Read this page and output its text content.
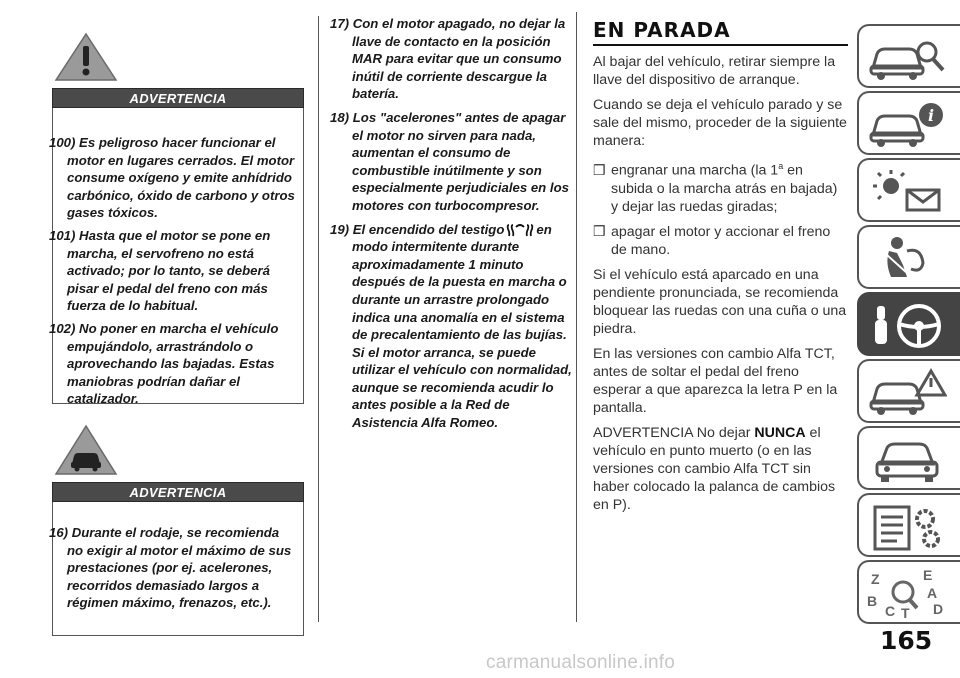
ADVERTENCIA
100) Es peligroso hacer funcionar el motor en lugares cerrados. El motor consume oxígeno y emite anhídrido carbónico, óxido de carbono y otros gases tóxicos.
101) Hasta que el motor se pone en marcha, el servofreno no está activado; por lo tanto, se deberá pisar el pedal del freno con más fuerza de lo habitual.
102) No poner en marcha el vehículo empujándolo, arrastrándolo o aprovechando las bajadas. Estas maniobras podrían dañar el catalizador.
ADVERTENCIA
16) Durante el rodaje, se recomienda no exigir al motor el máximo de sus prestaciones (por ej. acelerones, recorridos demasiado largos a régimen máximo, frenazos, etc.).
17) Con el motor apagado, no dejar la llave de contacto en la posición MAR para evitar que un consumo inútil de corriente descargue la batería.
18) Los "acelerones" antes de apagar el motor no sirven para nada, aumentan el consumo de combustible inútilmente y son especialmente perjudiciales en los motores con turbocompresor.
19) El encendido del testigo en modo intermitente durante aproximadamente 1 minuto después de la puesta en marcha o durante un arrastre prolongado indica una anomalía en el sistema de precalentamiento de las bujías. Si el motor arranca, se puede utilizar el vehículo con normalidad, aunque se recomienda acudir lo antes posible a la Red de Asistencia Alfa Romeo.
EN PARADA

Al bajar del vehículo, retirar siempre la llave del dispositivo de arranque.

Cuando se deja el vehículo parado y se sale del mismo, proceder de la siguiente manera:

❒ engranar una marcha (la 1$^a$ en subida o la marcha atrás en bajada) y dejar las ruedas giradas;
❒ apagar el motor y accionar el freno de mano.

Si el vehículo está aparcado en una pendiente pronunciada, se recomienda bloquear las ruedas con una cuña o una piedra.

En las versiones con cambio Alfa TCT, antes de soltar el pedal del freno esperar a que aparezca la letra P en la pantalla.

ADVERTENCIA No dejar NUNCA el vehículo en punto muerto (o en las versiones con cambio Alfa TCT sin haber colocado la palanca de cambios en P).

i
Z	E
A
B
C T D
165
carmanualsonline.info
